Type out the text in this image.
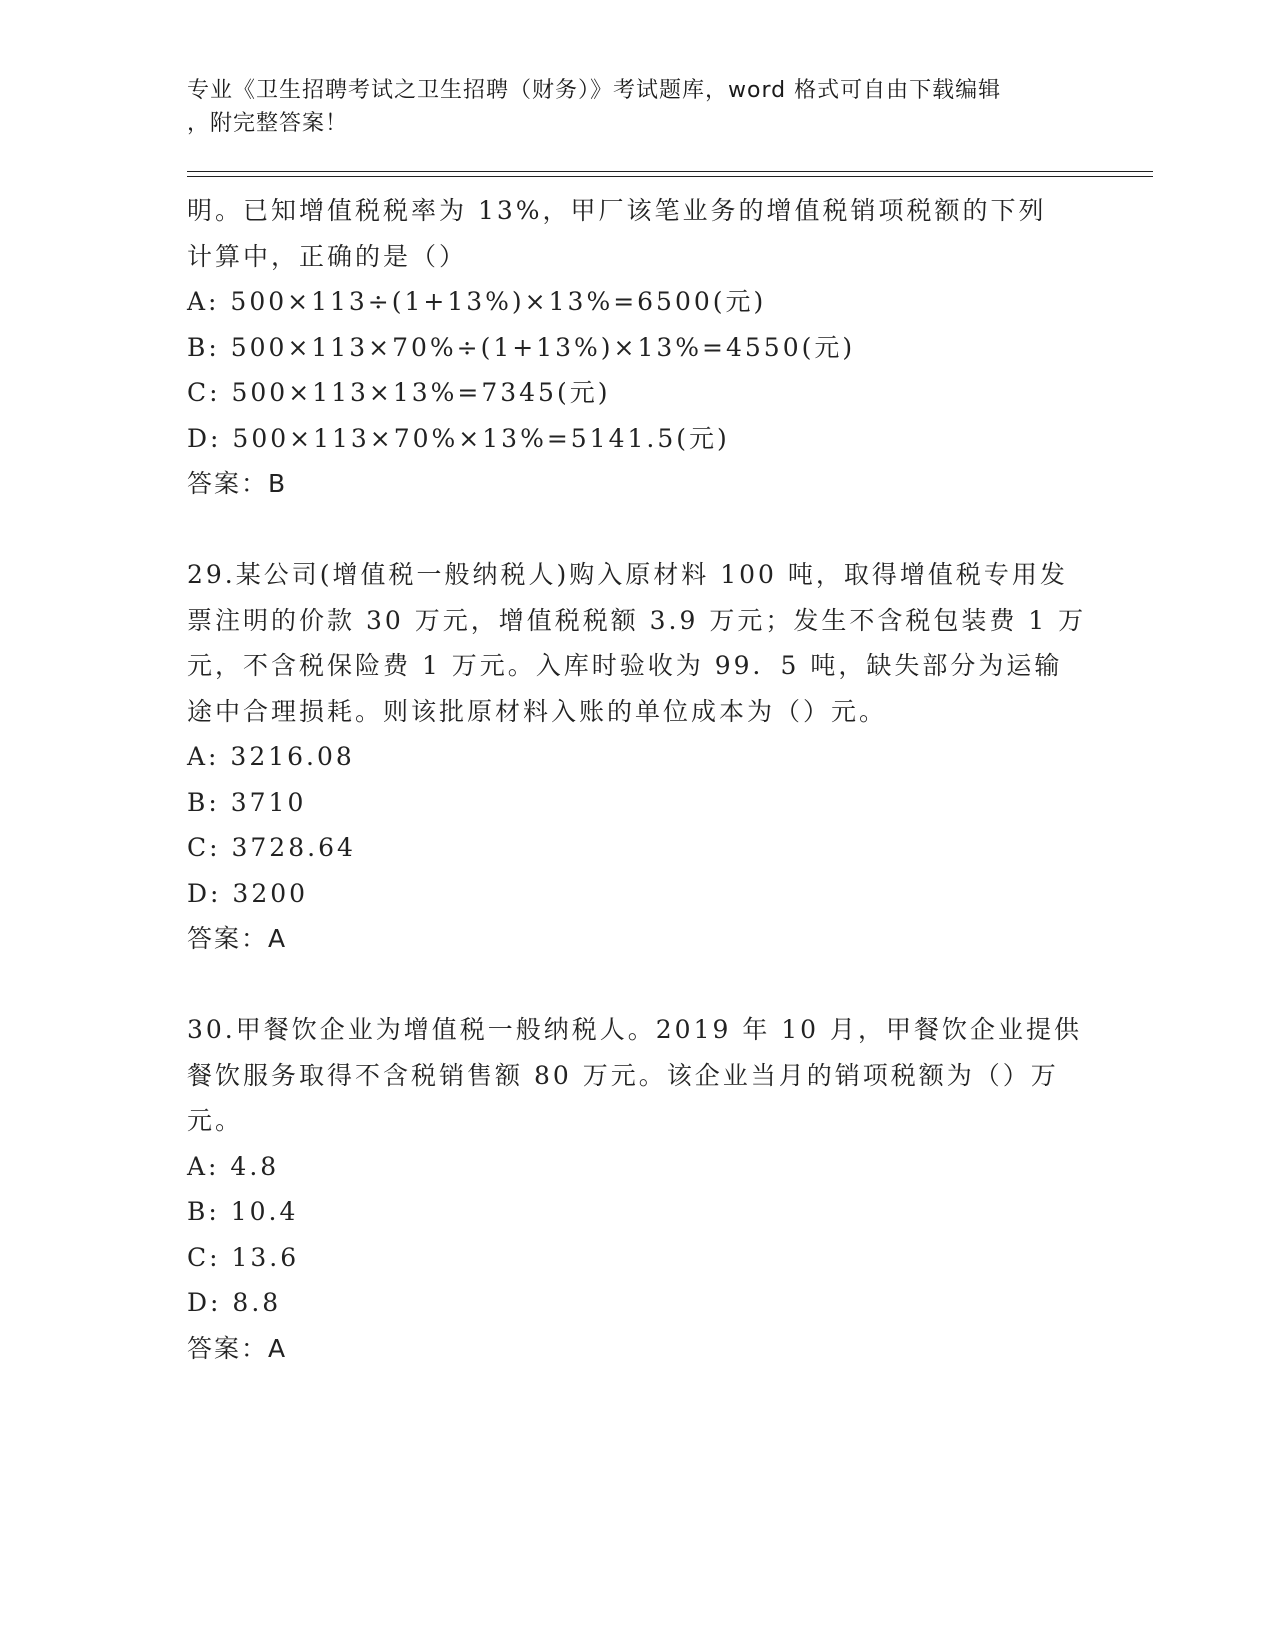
专业《卫生招聘考试之卫生招聘（财务）》考试题库，word 格式可自由下载编辑
，附完整答案！
明。已知增值税税率为 13%，甲厂该笔业务的增值税销项税额的下列
计算中，正确的是（）
A: 500×113÷(1+13%)×13%=6500(元)
B: 500×113×70%÷(1+13%)×13%=4550(元)
C: 500×113×13%=7345(元)
D: 500×113×70%×13%=5141.5(元)
答案：B
29.某公司(增值税一般纳税人)购入原材料 100 吨，取得增值税专用发
票注明的价款 30 万元，增值税税额 3.9 万元；发生不含税包装费 1 万
元，不含税保险费 1 万元。入库时验收为 99．5 吨，缺失部分为运输
途中合理损耗。则该批原材料入账的单位成本为（）元。
A: 3216.08
B: 3710
C: 3728.64
D: 3200
答案：A
30.甲餐饮企业为增值税一般纳税人。2019 年 10 月，甲餐饮企业提供
餐饮服务取得不含税销售额 80 万元。该企业当月的销项税额为（）万
元。
A: 4.8
B: 10.4
C: 13.6
D: 8.8
答案：A
